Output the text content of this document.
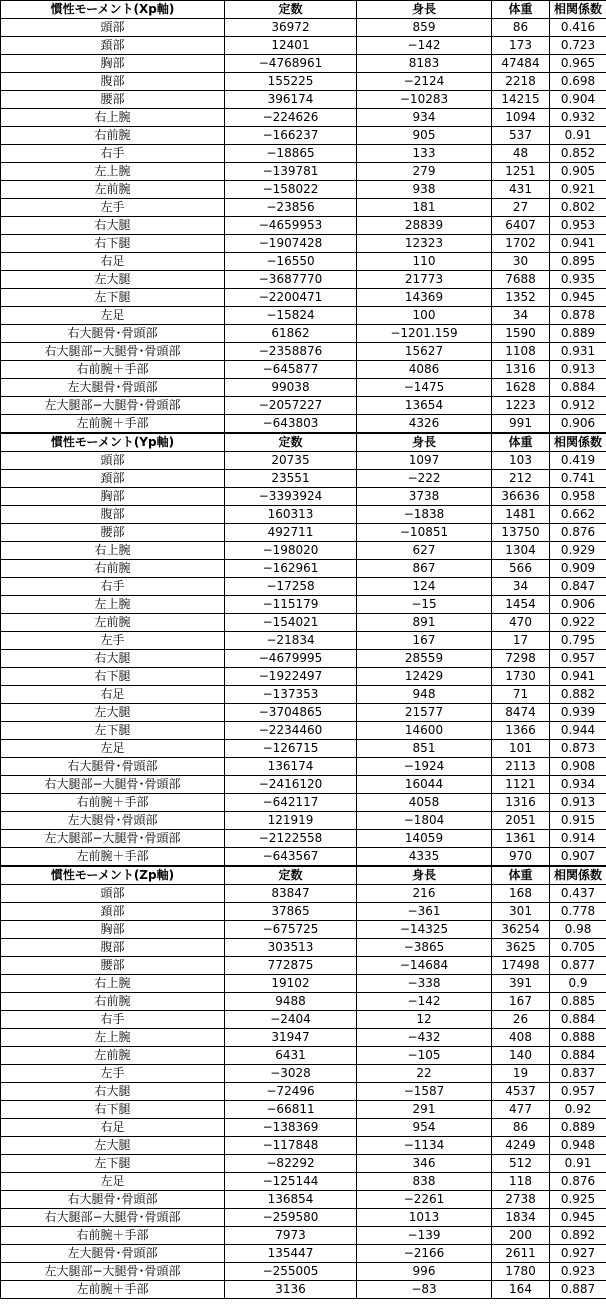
慣性モーメント(Xp軸)	定数	身長	体重	相関係数
頭部	36972	859	86	0.416
頚部	12401	−142	173	0.723
胸部	−4768961	8183	47484	0.965
腹部	155225	−2124	2218	0.698
腰部	396174	−10283	14215	0.904
右上腕	−224626	934	1094	0.932
右前腕	−166237	905	537	0.91
右手	−18865	133	48	0.852
左上腕	−139781	279	1251	0.905
左前腕	−158022	938	431	0.921
左手	−23856	181	27	0.802
右大腿	−4659953	28839	6407	0.953
右下腿	−1907428	12323	1702	0.941
右足	−16550	110	30	0.895
左大腿	−3687770	21773	7688	0.935
左下腿	−2200471	14369	1352	0.945
左足	−15824	100	34	0.878
右大腿骨･骨頭部	61862	−1201.159	1590	0.889
右大腿部−大腿骨･骨頭部	−2358876	15627	1108	0.931
右前腕＋手部	−645877	4086	1316	0.913
左大腿骨･骨頭部	99038	−1475	1628	0.884
左大腿部−大腿骨･骨頭部	−2057227	13654	1223	0.912
左前腕＋手部	−643803	4326	991	0.906
慣性モーメント(Yp軸)	定数	身長	体重	相関係数
頭部	20735	1097	103	0.419
頚部	23551	−222	212	0.741
胸部	−3393924	3738	36636	0.958
腹部	160313	−1838	1481	0.662
腰部	492711	−10851	13750	0.876
右上腕	−198020	627	1304	0.929
右前腕	−162961	867	566	0.909
右手	−17258	124	34	0.847
左上腕	−115179	−15	1454	0.906
左前腕	−154021	891	470	0.922
左手	−21834	167	17	0.795
右大腿	−4679995	28559	7298	0.957
右下腿	−1922497	12429	1730	0.941
右足	−137353	948	71	0.882
左大腿	−3704865	21577	8474	0.939
左下腿	−2234460	14600	1366	0.944
左足	−126715	851	101	0.873
右大腿骨･骨頭部	136174	−1924	2113	0.908
右大腿部−大腿骨･骨頭部	−2416120	16044	1121	0.934
右前腕＋手部	−642117	4058	1316	0.913
左大腿骨･骨頭部	121919	−1804	2051	0.915
左大腿部−大腿骨･骨頭部	−2122558	14059	1361	0.914
左前腕＋手部	−643567	4335	970	0.907
慣性モーメント(Zp軸)	定数	身長	体重	相関係数
頭部	83847	216	168	0.437
頚部	37865	−361	301	0.778
胸部	−675725	−14325	36254	0.98
腹部	303513	−3865	3625	0.705
腰部	772875	−14684	17498	0.877
右上腕	19102	−338	391	0.9
右前腕	9488	−142	167	0.885
右手	−2404	12	26	0.884
左上腕	31947	−432	408	0.888
左前腕	6431	−105	140	0.884
左手	−3028	22	19	0.837
右大腿	−72496	−1587	4537	0.957
右下腿	−66811	291	477	0.92
右足	−138369	954	86	0.889
左大腿	−117848	−1134	4249	0.948
左下腿	−82292	346	512	0.91
左足	−125144	838	118	0.876
右大腿骨･骨頭部	136854	−2261	2738	0.925
右大腿部−大腿骨･骨頭部	−259580	1013	1834	0.945
右前腕＋手部	7973	−139	200	0.892
左大腿骨･骨頭部	135447	−2166	2611	0.927
左大腿部−大腿骨･骨頭部	−255005	996	1780	0.923
左前腕＋手部	3136	−83	164	0.887
